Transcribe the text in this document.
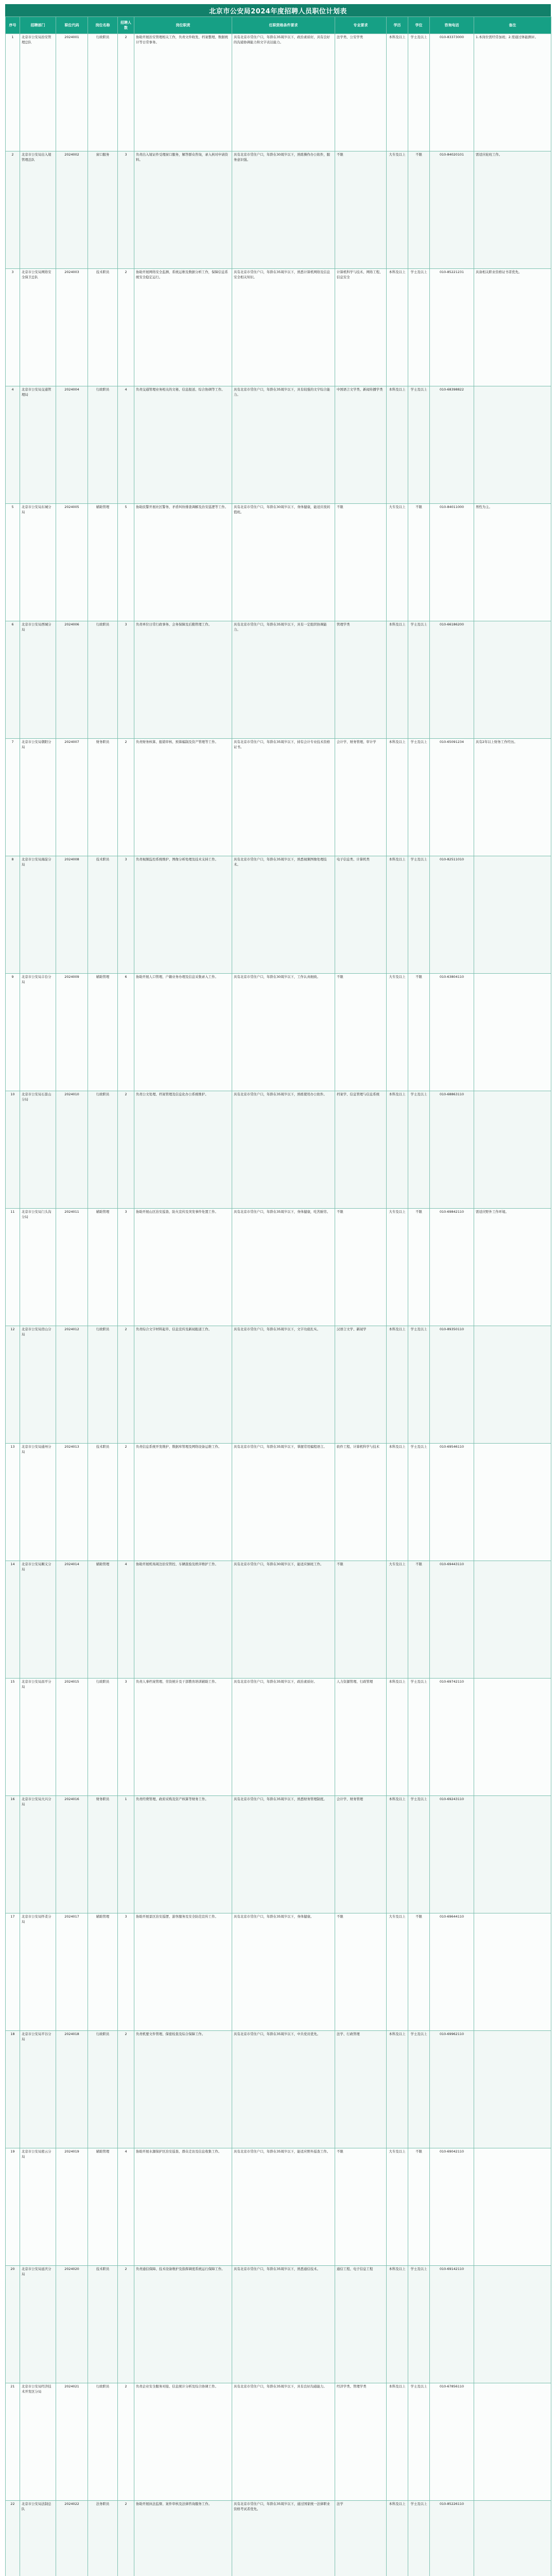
北京市公安局2024年度招聘人员职位计划表
序号	招聘部门	职位代码	岗位名称	招聘人数	岗位职责	任职资格条件要求	专业要求	学历	学位	咨询电话	备注
1	北京市公安局治安管理总队	2024001	行政职员	2	协助开展治安管理相关工作，负责文件收发、档案整理、数据统计等日常事务。	具有北京市常住户口，年龄在35周岁以下，政治素质好，具有良好的沟通协调能力和文字表达能力。	法学类、公安学类	本科及以上	学士及以上	010-83373000	1.本岗位需经常加班；2.需通过体能测评。
2	北京市公安局出入境管理总队	2024002	窗口服务	3	负责出入境证件受理窗口服务，解答群众咨询，录入核对申请资料。	具有北京市常住户口，年龄在30周岁以下，熟练操作办公软件，服务意识强。	不限	大专及以上	不限	010-84020101	需适应轮班工作。
3	北京市公安局网络安全保卫总队	2024003	技术职员	2	协助开展网络安全监测、系统运维及数据分析工作，保障信息系统安全稳定运行。	具有北京市常住户口，年龄在35周岁以下，熟悉计算机网络及信息安全相关知识。	计算机科学与技术、网络工程、信息安全	本科及以上	学士及以上	010-85221231	具备相关职业资格证书者优先。
4	北京市公安局交通管理局	2024004	行政职员	4	负责交通管理业务相关的文秘、信息报送、综合协调等工作。	具有北京市常住户口，年龄在35周岁以下，具有较强的文字综合能力。	中国语言文学类、新闻传播学类	本科及以上	学士及以上	010-68398822	
5	北京市公安局东城分局	2024005	辅助管理	5	协助民警开展社区警务、矛盾纠纷排查调解及治安巡逻等工作。	具有北京市常住户口，年龄在30周岁以下，身体健康，能适应夜间值班。	不限	大专及以上	不限	010-84011000	男性为主。
6	北京市公安局西城分局	2024006	行政职员	3	负责单位日常行政事务、会务保障及后勤管理工作。	具有北京市常住户口，年龄在35周岁以下，具有一定组织协调能力。	管理学类	本科及以上	学士及以上	010-66186200	
7	北京市公安局朝阳分局	2024007	财务职员	2	负责财务核算、报销审核、预算编制及资产管理等工作。	具有北京市常住户口，年龄在35周岁以下，持有会计专业技术资格证书。	会计学、财务管理、审计学	本科及以上	学士及以上	010-65091234	具有2年以上财务工作经历。
8	北京市公安局海淀分局	2024008	技术职员	3	负责视频监控系统维护、图像分析处理及技术支持工作。	具有北京市常住户口，年龄在35周岁以下，熟悉视频图像处理技术。	电子信息类、计算机类	本科及以上	学士及以上	010-82511010	
9	北京市公安局丰台分局	2024009	辅助管理	6	协助开展人口管理、户籍业务办理及信息采集录入工作。	具有北京市常住户口，年龄在30周岁以下，工作认真细致。	不限	大专及以上	不限	010-63804110	
10	北京市公安局石景山分局	2024010	行政职员	2	负责公文处理、档案管理及信息化办公系统维护。	具有北京市常住户口，年龄在35周岁以下，熟练使用办公软件。	档案学、信息管理与信息系统	本科及以上	学士及以上	010-68863110	
11	北京市公安局门头沟分局	2024011	辅助管理	3	协助开展山区治安巡查、防火宣传及突发事件处置工作。	具有北京市常住户口，年龄在35周岁以下，身体健康，吃苦耐劳。	不限	大专及以上	不限	010-69842110	需适应野外工作环境。
12	北京市公安局房山分局	2024012	行政职员	2	负责综合文字材料起草、信息宣传及新闻报道工作。	具有北京市常住户口，年龄在35周岁以下，文字功底扎实。	汉语言文学、新闻学	本科及以上	学士及以上	010-89350110	
13	北京市公安局通州分局	2024013	技术职员	2	负责信息系统开发维护、数据库管理及网络设备运维工作。	具有北京市常住户口，年龄在35周岁以下，掌握常用编程语言。	软件工程、计算机科学与技术	本科及以上	学士及以上	010-69546110	
14	北京市公安局顺义分局	2024014	辅助管理	4	协助开展机场周边治安管控、车辆查验及秩序维护工作。	具有北京市常住户口，年龄在30周岁以下，能适应倒班工作。	不限	大专及以上	不限	010-69443110	
15	北京市公安局昌平分局	2024015	行政职员	3	负责人事档案管理、劳资统计及干部教育培训辅助工作。	具有北京市常住户口，年龄在35周岁以下，政治素质好。	人力资源管理、行政管理	本科及以上	学士及以上	010-69742110	
16	北京市公安局大兴分局	2024016	财务职员	1	负责经费管理、政府采购及资产核算等财务工作。	具有北京市常住户口，年龄在35周岁以下，熟悉财务管理制度。	会计学、财务管理	本科及以上	学士及以上	010-69243110	
17	北京市公安局怀柔分局	2024017	辅助管理	3	协助开展景区治安巡逻、游客服务及安全防范宣传工作。	具有北京市常住户口，年龄在35周岁以下，身体健康。	不限	大专及以上	不限	010-69644110	
18	北京市公安局平谷分局	2024018	行政职员	2	负责机要文件管理、保密检查及综合保障工作。	具有北京市常住户口，年龄在35周岁以下，中共党员优先。	法学、行政管理	本科及以上	学士及以上	010-69962110	
19	北京市公安局密云分局	2024019	辅助管理	4	协助开展水源保护区治安巡查、群众走访及信息收集工作。	具有北京市常住户口，年龄在35周岁以下，能适应野外巡查工作。	不限	大专及以上	不限	010-69042110	
20	北京市公安局延庆分局	2024020	技术职员	2	负责通信保障、技术设备维护及指挥调度系统运行保障工作。	具有北京市常住户口，年龄在35周岁以下，熟悉通信技术。	通信工程、电子信息工程	本科及以上	学士及以上	010-69142110	
21	北京市公安局经济技术开发区分局	2024021	行政职员	2	负责企业安全服务对接、信息统计分析及综合协调工作。	具有北京市常住户口，年龄在35周岁以下，具有良好沟通能力。	经济学类、管理学类	本科及以上	学士及以上	010-67856110	
22	北京市公安局法制总队	2024022	法务职员	2	协助开展执法监督、案件审核及法律咨询服务工作。	具有北京市常住户口，年龄在35周岁以下，通过国家统一法律职业资格考试者优先。	法学	本科及以上	学士及以上	010-85226110	
